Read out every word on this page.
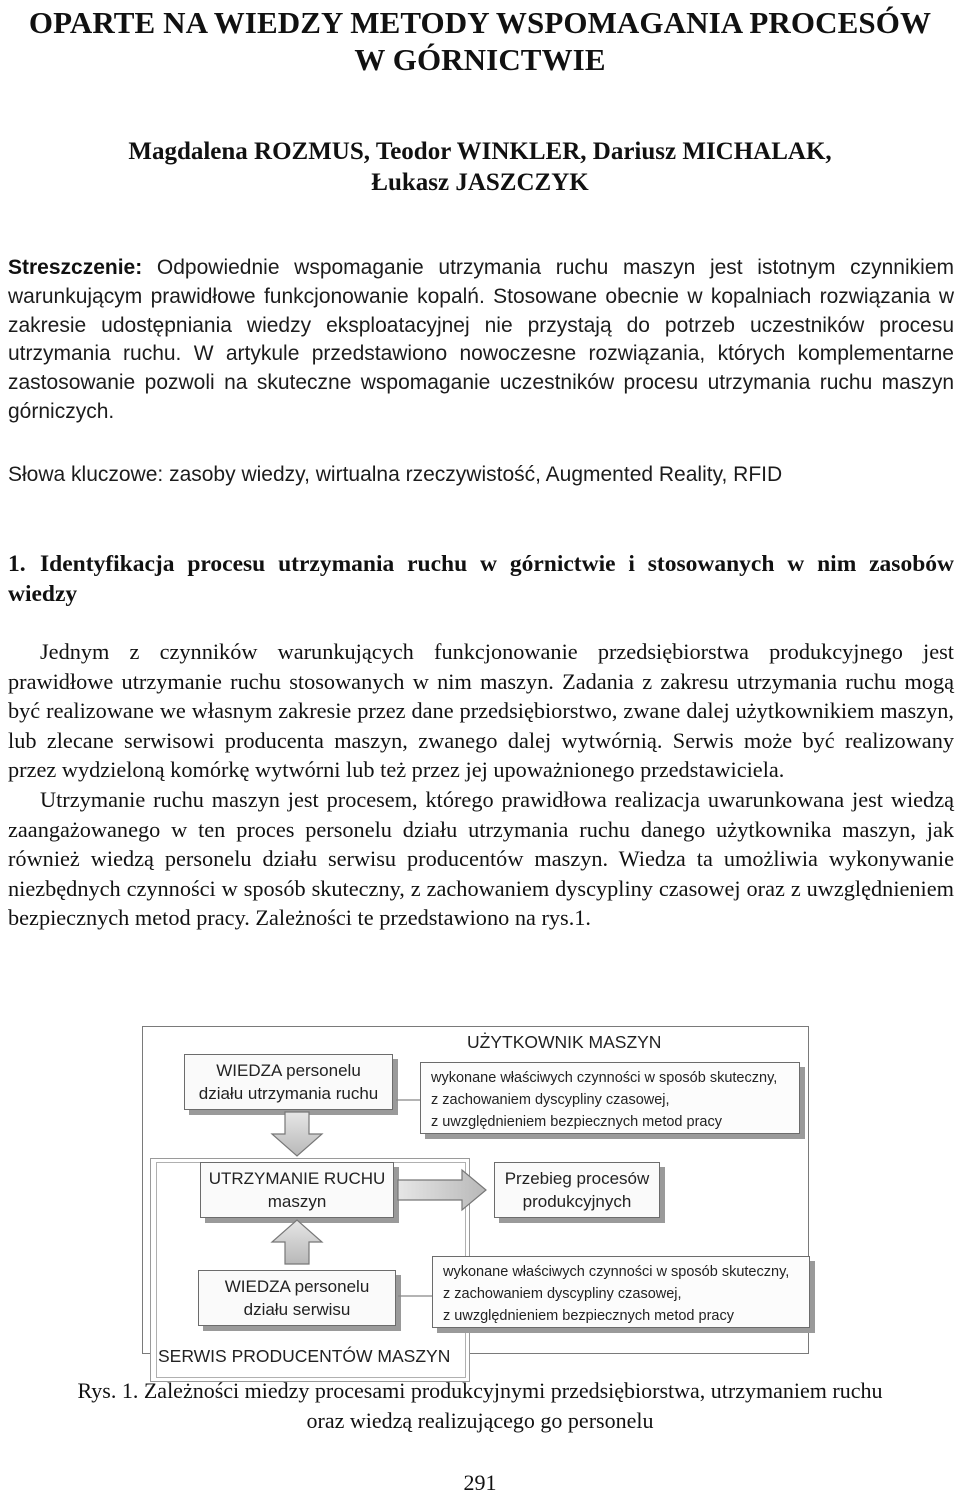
OPARTE NA WIEDZY METODY WSPOMAGANIA PROCESÓW
W GÓRNICTWIE
Magdalena ROZMUS, Teodor WINKLER, Dariusz MICHALAK,
Łukasz JASZCZYK
Streszczenie: Odpowiednie wspomaganie utrzymania ruchu maszyn jest istotnym czynnikiem warunkującym prawidłowe funkcjonowanie kopalń. Stosowane obecnie w kopalniach rozwiązania w zakresie udostępniania wiedzy eksploatacyjnej nie przystają do potrzeb uczestników procesu utrzymania ruchu. W artykule przedstawiono nowoczesne rozwiązania, których komplementarne zastosowanie pozwoli na skuteczne wspomaganie uczestników procesu utrzymania ruchu maszyn górniczych.
Słowa kluczowe: zasoby wiedzy, wirtualna rzeczywistość, Augmented Reality, RFID
1. Identyfikacja procesu utrzymania ruchu w górnictwie i stosowanych w nim zasobów wiedzy

Jednym z czynników warunkujących funkcjonowanie przedsiębiorstwa produkcyjnego jest prawidłowe utrzymanie ruchu stosowanych w nim maszyn. Zadania z zakresu utrzymania ruchu mogą być realizowane we własnym zakresie przez dane przedsiębiorstwo, zwane dalej użytkownikiem maszyn, lub zlecane serwisowi producenta maszyn, zwanego dalej wytwórnią. Serwis może być realizowany przez wydzieloną komórkę wytwórni lub też przez jej upoważnionego przedstawiciela.

Utrzymanie ruchu maszyn jest procesem, którego prawidłowa realizacja uwarunkowana jest wiedzą zaangażowanego w ten proces personelu działu utrzymania ruchu danego użytkownika maszyn, jak również wiedzą personelu działu serwisu producentów maszyn. Wiedza ta umożliwia wykonywanie niezbędnych czynności w sposób skuteczny, z zachowaniem dyscypliny czasowej oraz z uwzględnieniem bezpiecznych metod pracy. Zależności te przedstawiono na rys.1.

UŻYTKOWNIK MASZYN
WIEDZA personelu
działu utrzymania ruchu
wykonane właściwych czynności w sposób skuteczny,
z zachowaniem dyscypliny czasowej,
z uwzględnieniem bezpiecznych metod pracy
UTRZYMANIE RUCHU
maszyn
Przebieg procesów
produkcyjnych
WIEDZA personelu
działu serwisu
wykonane właściwych czynności w sposób skuteczny,
z zachowaniem dyscypliny czasowej,
z uwzględnieniem bezpiecznych metod pracy
SERWIS PRODUCENTÓW MASZYN
Rys. 1. Zależności miedzy procesami produkcyjnymi przedsiębiorstwa, utrzymaniem ruchu
oraz wiedzą realizującego go personelu
291
